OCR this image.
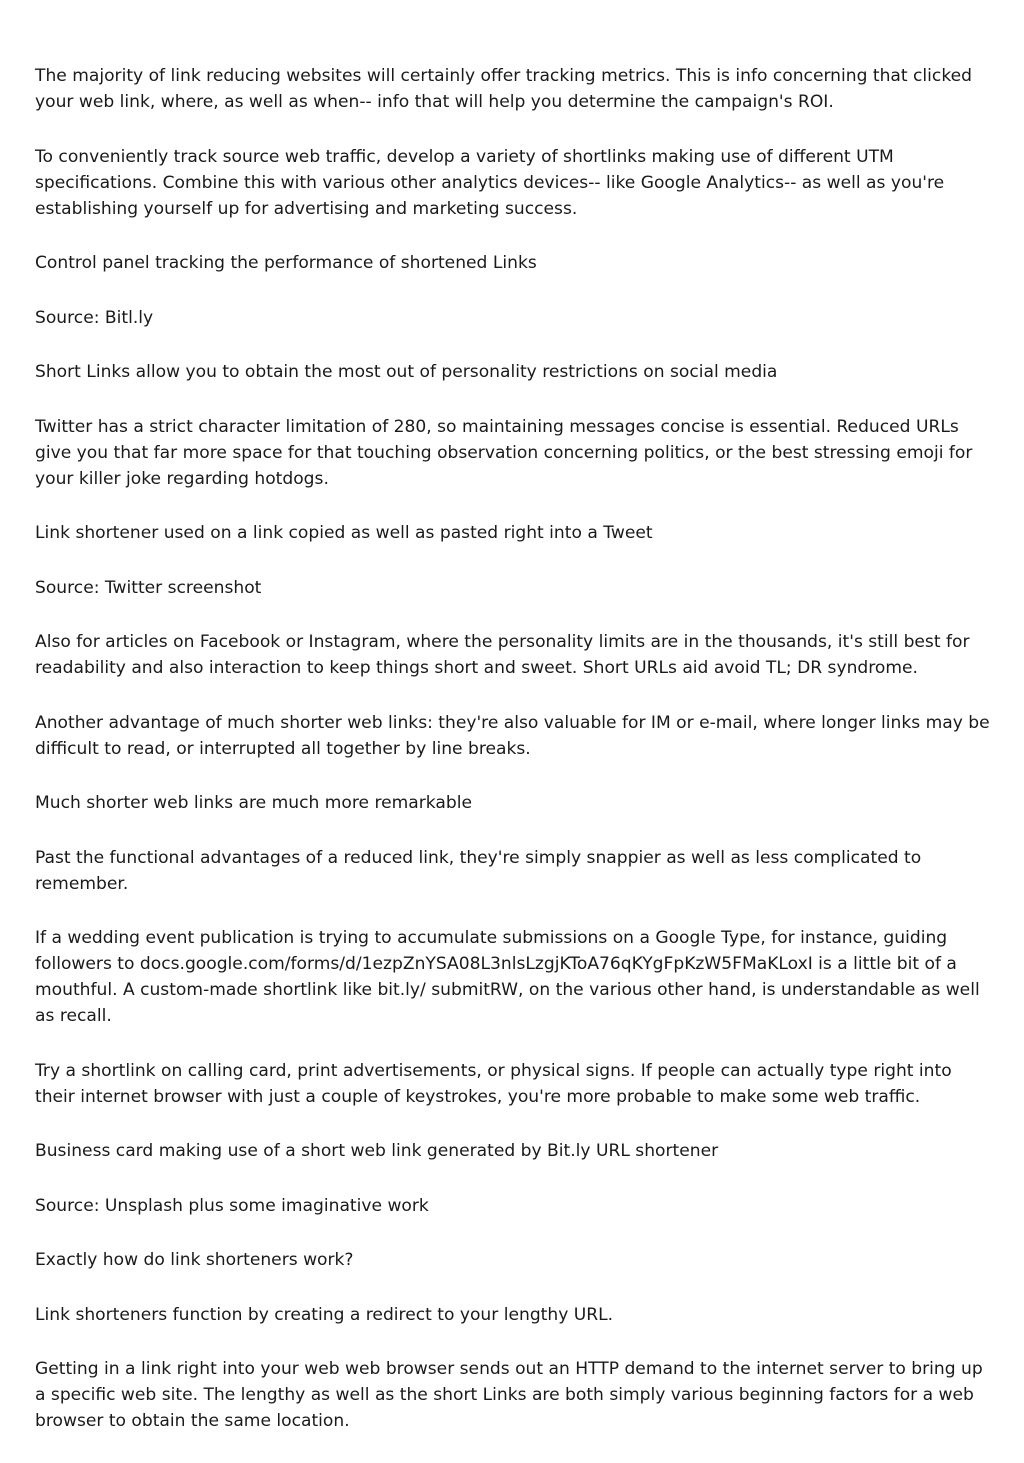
The majority of link reducing websites will certainly offer tracking metrics. This is info concerning that clicked your web link, where, as well as when-- info that will help you determine the campaign's ROI.

To conveniently track source web traffic, develop a variety of shortlinks making use of different UTM specifications. Combine this with various other analytics devices-- like Google Analytics-- as well as you're establishing yourself up for advertising and marketing success.

Control panel tracking the performance of shortened Links

Source: Bitl.ly

Short Links allow you to obtain the most out of personality restrictions on social media

Twitter has a strict character limitation of 280, so maintaining messages concise is essential. Reduced URLs give you that far more space for that touching observation concerning politics, or the best stressing emoji for your killer joke regarding hotdogs.

Link shortener used on a link copied as well as pasted right into a Tweet

Source: Twitter screenshot

Also for articles on Facebook or Instagram, where the personality limits are in the thousands, it's still best for readability and also interaction to keep things short and sweet. Short URLs aid avoid TL; DR syndrome.

Another advantage of much shorter web links: they're also valuable for IM or e-mail, where longer links may be difficult to read, or interrupted all together by line breaks.

Much shorter web links are much more remarkable

Past the functional advantages of a reduced link, they're simply snappier as well as less complicated to remember.

If a wedding event publication is trying to accumulate submissions on a Google Type, for instance, guiding followers to docs.google.com/forms/d/1ezpZnYSA08L3nlsLzgjKToA76qKYgFpKzW5FMaKLoxI is a little bit of a mouthful. A custom-made shortlink like bit.ly/ submitRW, on the various other hand, is understandable as well as recall.

Try a shortlink on calling card, print advertisements, or physical signs. If people can actually type right into their internet browser with just a couple of keystrokes, you're more probable to make some web traffic.

Business card making use of a short web link generated by Bit.ly URL shortener

Source: Unsplash plus some imaginative work

Exactly how do link shorteners work?

Link shorteners function by creating a redirect to your lengthy URL.

Getting in a link right into your web web browser sends out an HTTP demand to the internet server to bring up a specific web site. The lengthy as well as the short Links are both simply various beginning factors for a web browser to obtain the same location.
